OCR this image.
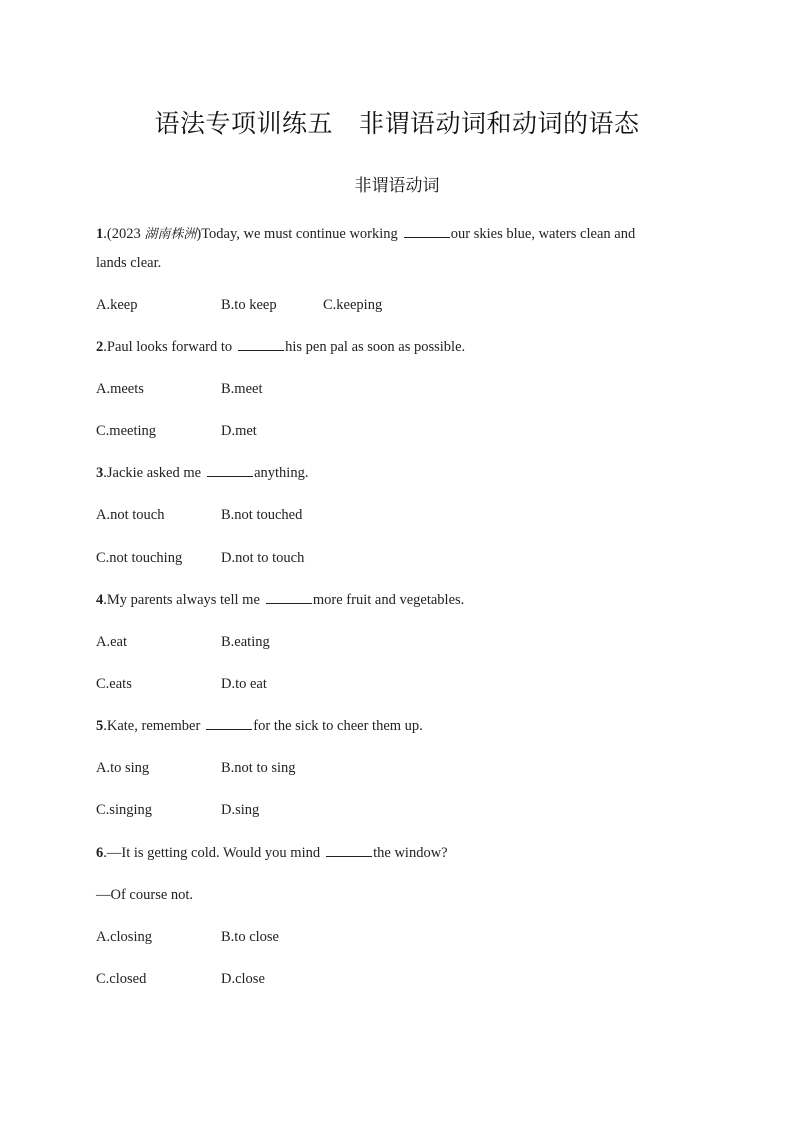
语法专项训练五 非谓语动词和动词的语态
非谓语动词
1.(2023 湖南株洲)Today, we must continue working	our skies blue, waters clean and
lands clear.
A.keep	B.to keep	C.keeping
2.Paul looks forward to	his pen pal as soon as possible.
A.meets	B.meet
C.meeting	D.met
3.Jackie asked me	anything.
A.not touch	B.not touched
C.not touching	D.not to touch
4.My parents always tell me	more fruit and vegetables.
A.eat	B.eating
C.eats	D.to eat
5.Kate, remember	for the sick to cheer them up.
A.to sing	B.not to sing
C.singing	D.sing
6.—It is getting cold. Would you mind	the window?
—Of course not.
A.closing	B.to close
C.closed	D.close
